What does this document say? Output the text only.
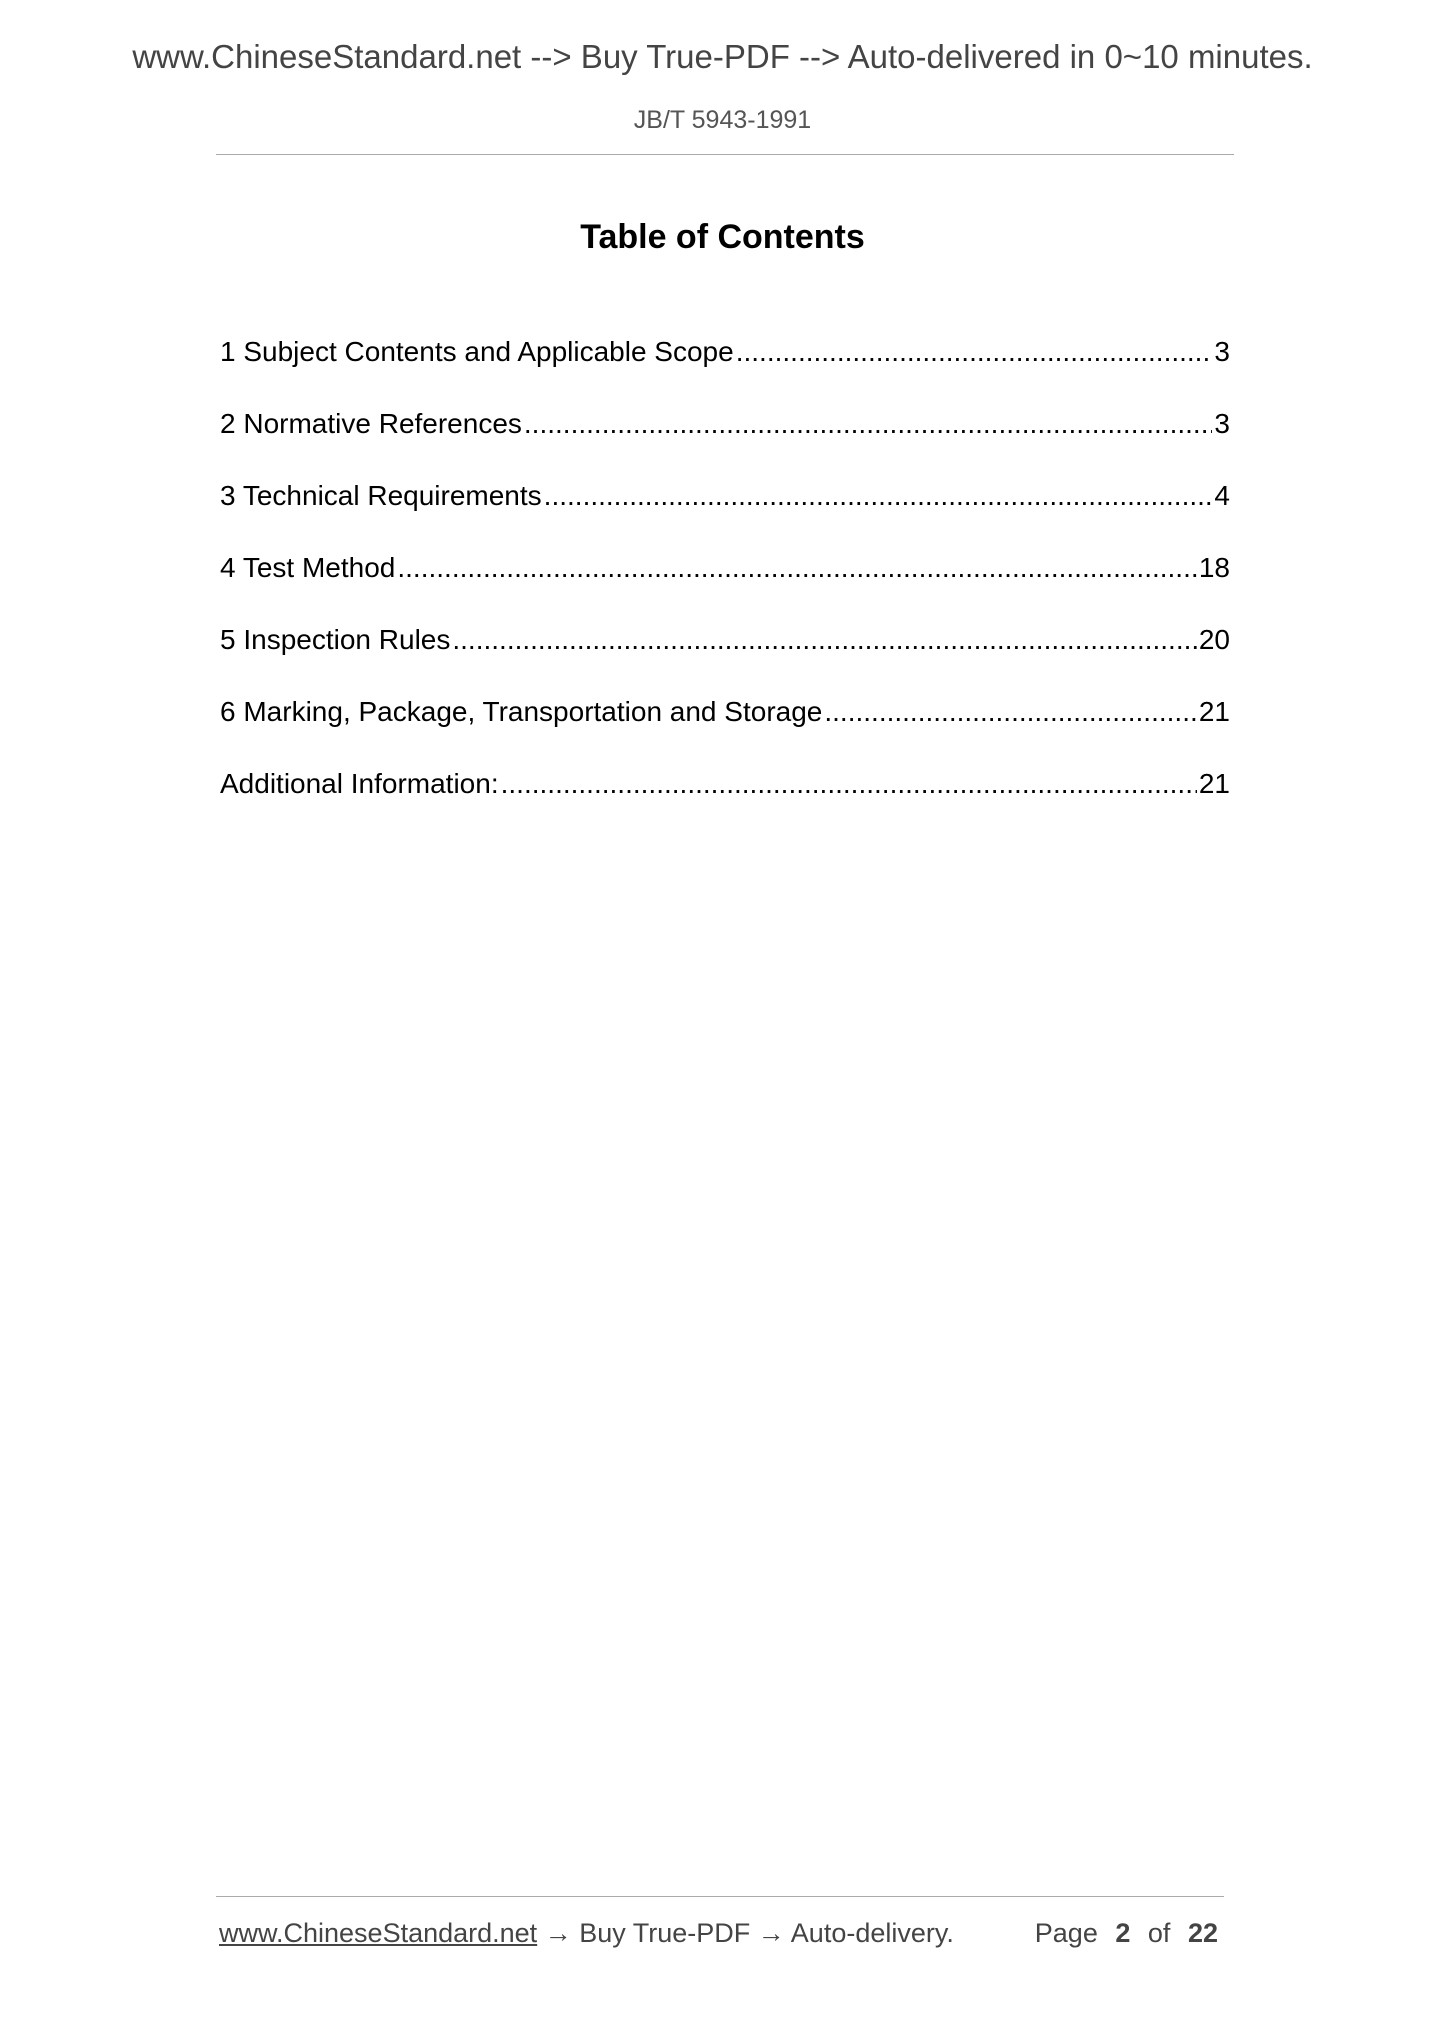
www.ChineseStandard.net --> Buy True-PDF --> Auto-delivered in 0~10 minutes.
JB/T 5943-1991
Table of Contents
1 Subject Contents and Applicable Scope .....	3
2 Normative References .....	3
3 Technical Requirements .....	4
4 Test Method .....	18
5 Inspection Rules .....	20
6 Marking, Package, Transportation and Storage .....	21
Additional Information: .....	21
www.ChineseStandard.net → Buy True-PDF → Auto-delivery.	Page 2 of 22
